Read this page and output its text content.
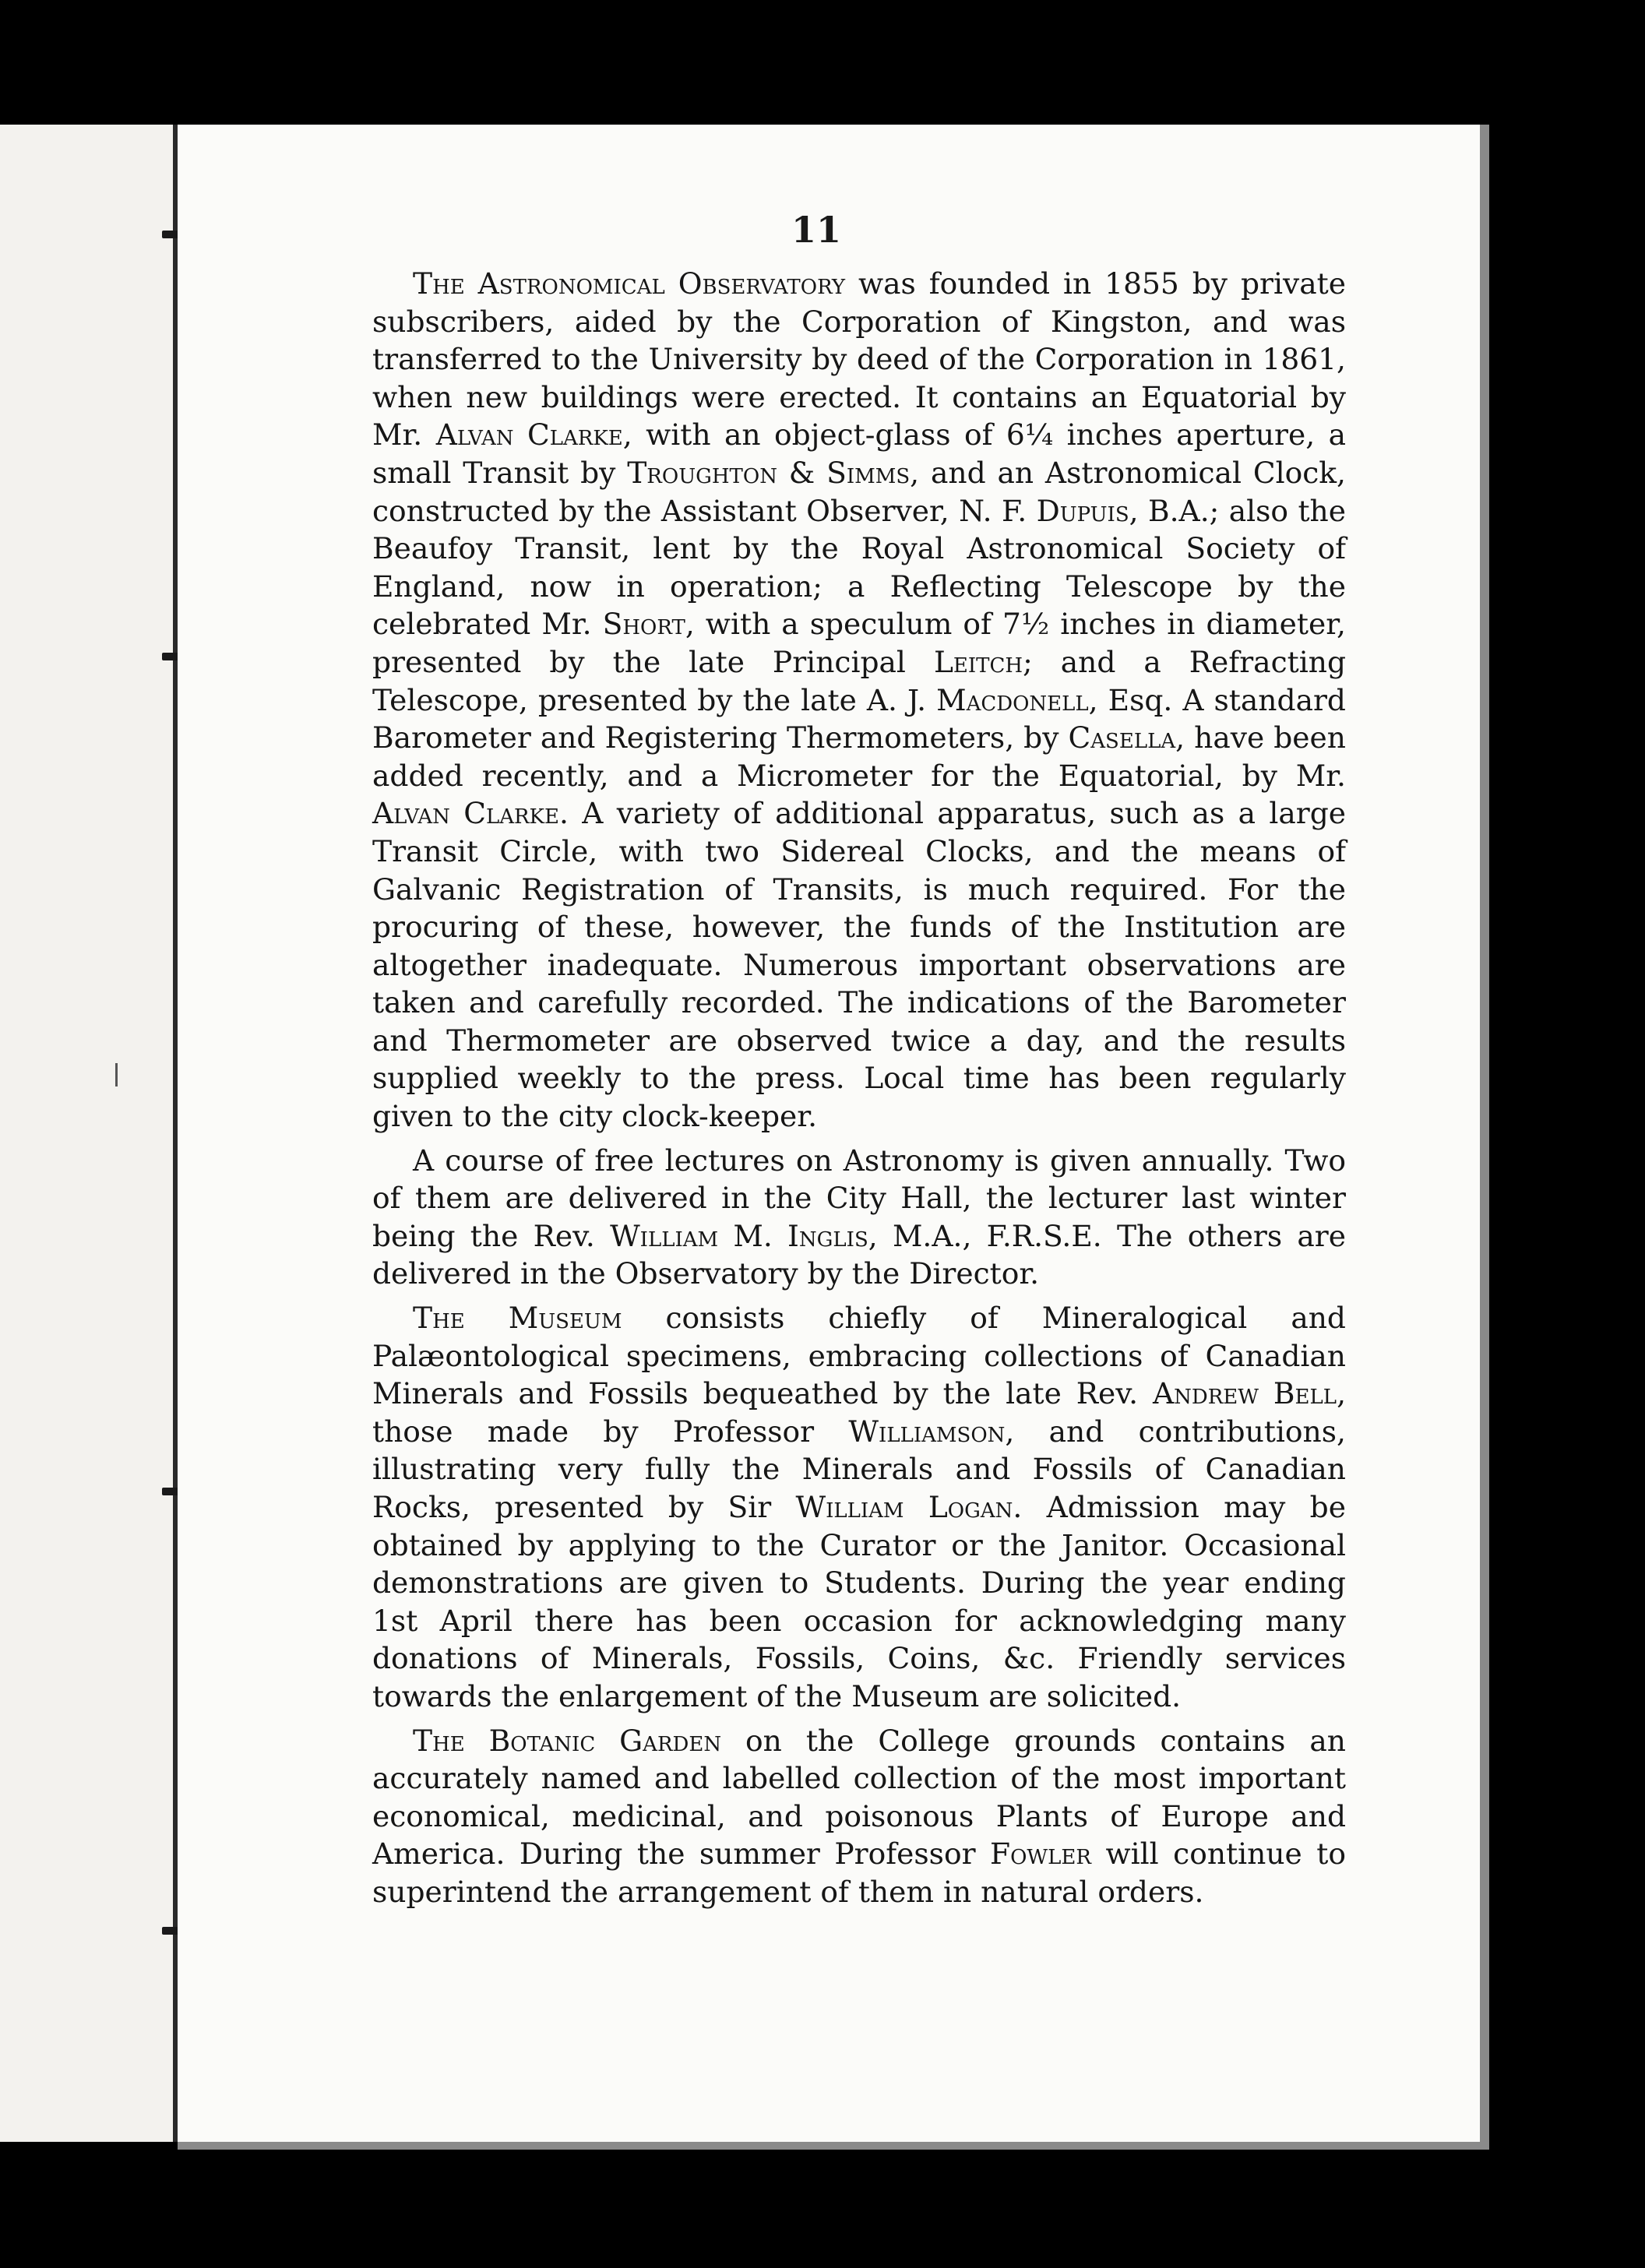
11

The Astronomical Observatory was founded in 1855 by private subscribers, aided by the Corporation of Kingston, and was transferred to the University by deed of the Corporation in 1861, when new buildings were erected. It contains an Equatorial by Mr. Alvan Clarke, with an object-glass of 6¼ inches aperture, a small Transit by Troughton & Simms, and an Astronomical Clock, constructed by the Assistant Observer, N. F. Dupuis, B.A.; also the Beaufoy Transit, lent by the Royal Astronomical Society of England, now in operation; a Reflecting Telescope by the celebrated Mr. Short, with a speculum of 7½ inches in diameter, presented by the late Principal Leitch; and a Refracting Telescope, presented by the late A. J. Macdonell, Esq. A standard Barometer and Registering Thermometers, by Casella, have been added recently, and a Micrometer for the Equatorial, by Mr. Alvan Clarke. A variety of additional apparatus, such as a large Transit Circle, with two Sidereal Clocks, and the means of Galvanic Registration of Transits, is much required. For the procuring of these, however, the funds of the Institution are altogether inadequate. Numerous important observations are taken and carefully recorded. The indications of the Barometer and Thermometer are observed twice a day, and the results supplied weekly to the press. Local time has been regularly given to the city clock-keeper.

A course of free lectures on Astronomy is given annually. Two of them are delivered in the City Hall, the lecturer last winter being the Rev. William M. Inglis, M.A., F.R.S.E. The others are delivered in the Observatory by the Director.

The Museum consists chiefly of Mineralogical and Palæontological specimens, embracing collections of Canadian Minerals and Fossils bequeathed by the late Rev. Andrew Bell, those made by Professor Williamson, and contributions, illustrating very fully the Minerals and Fossils of Canadian Rocks, presented by Sir William Logan. Admission may be obtained by applying to the Curator or the Janitor. Occasional demonstrations are given to Students. During the year ending 1st April there has been occasion for acknowledging many donations of Minerals, Fossils, Coins, &c. Friendly services towards the enlargement of the Museum are solicited.

The Botanic Garden on the College grounds contains an accurately named and labelled collection of the most important economical, medicinal, and poisonous Plants of Europe and America. During the summer Professor Fowler will continue to superintend the arrangement of them in natural orders.
